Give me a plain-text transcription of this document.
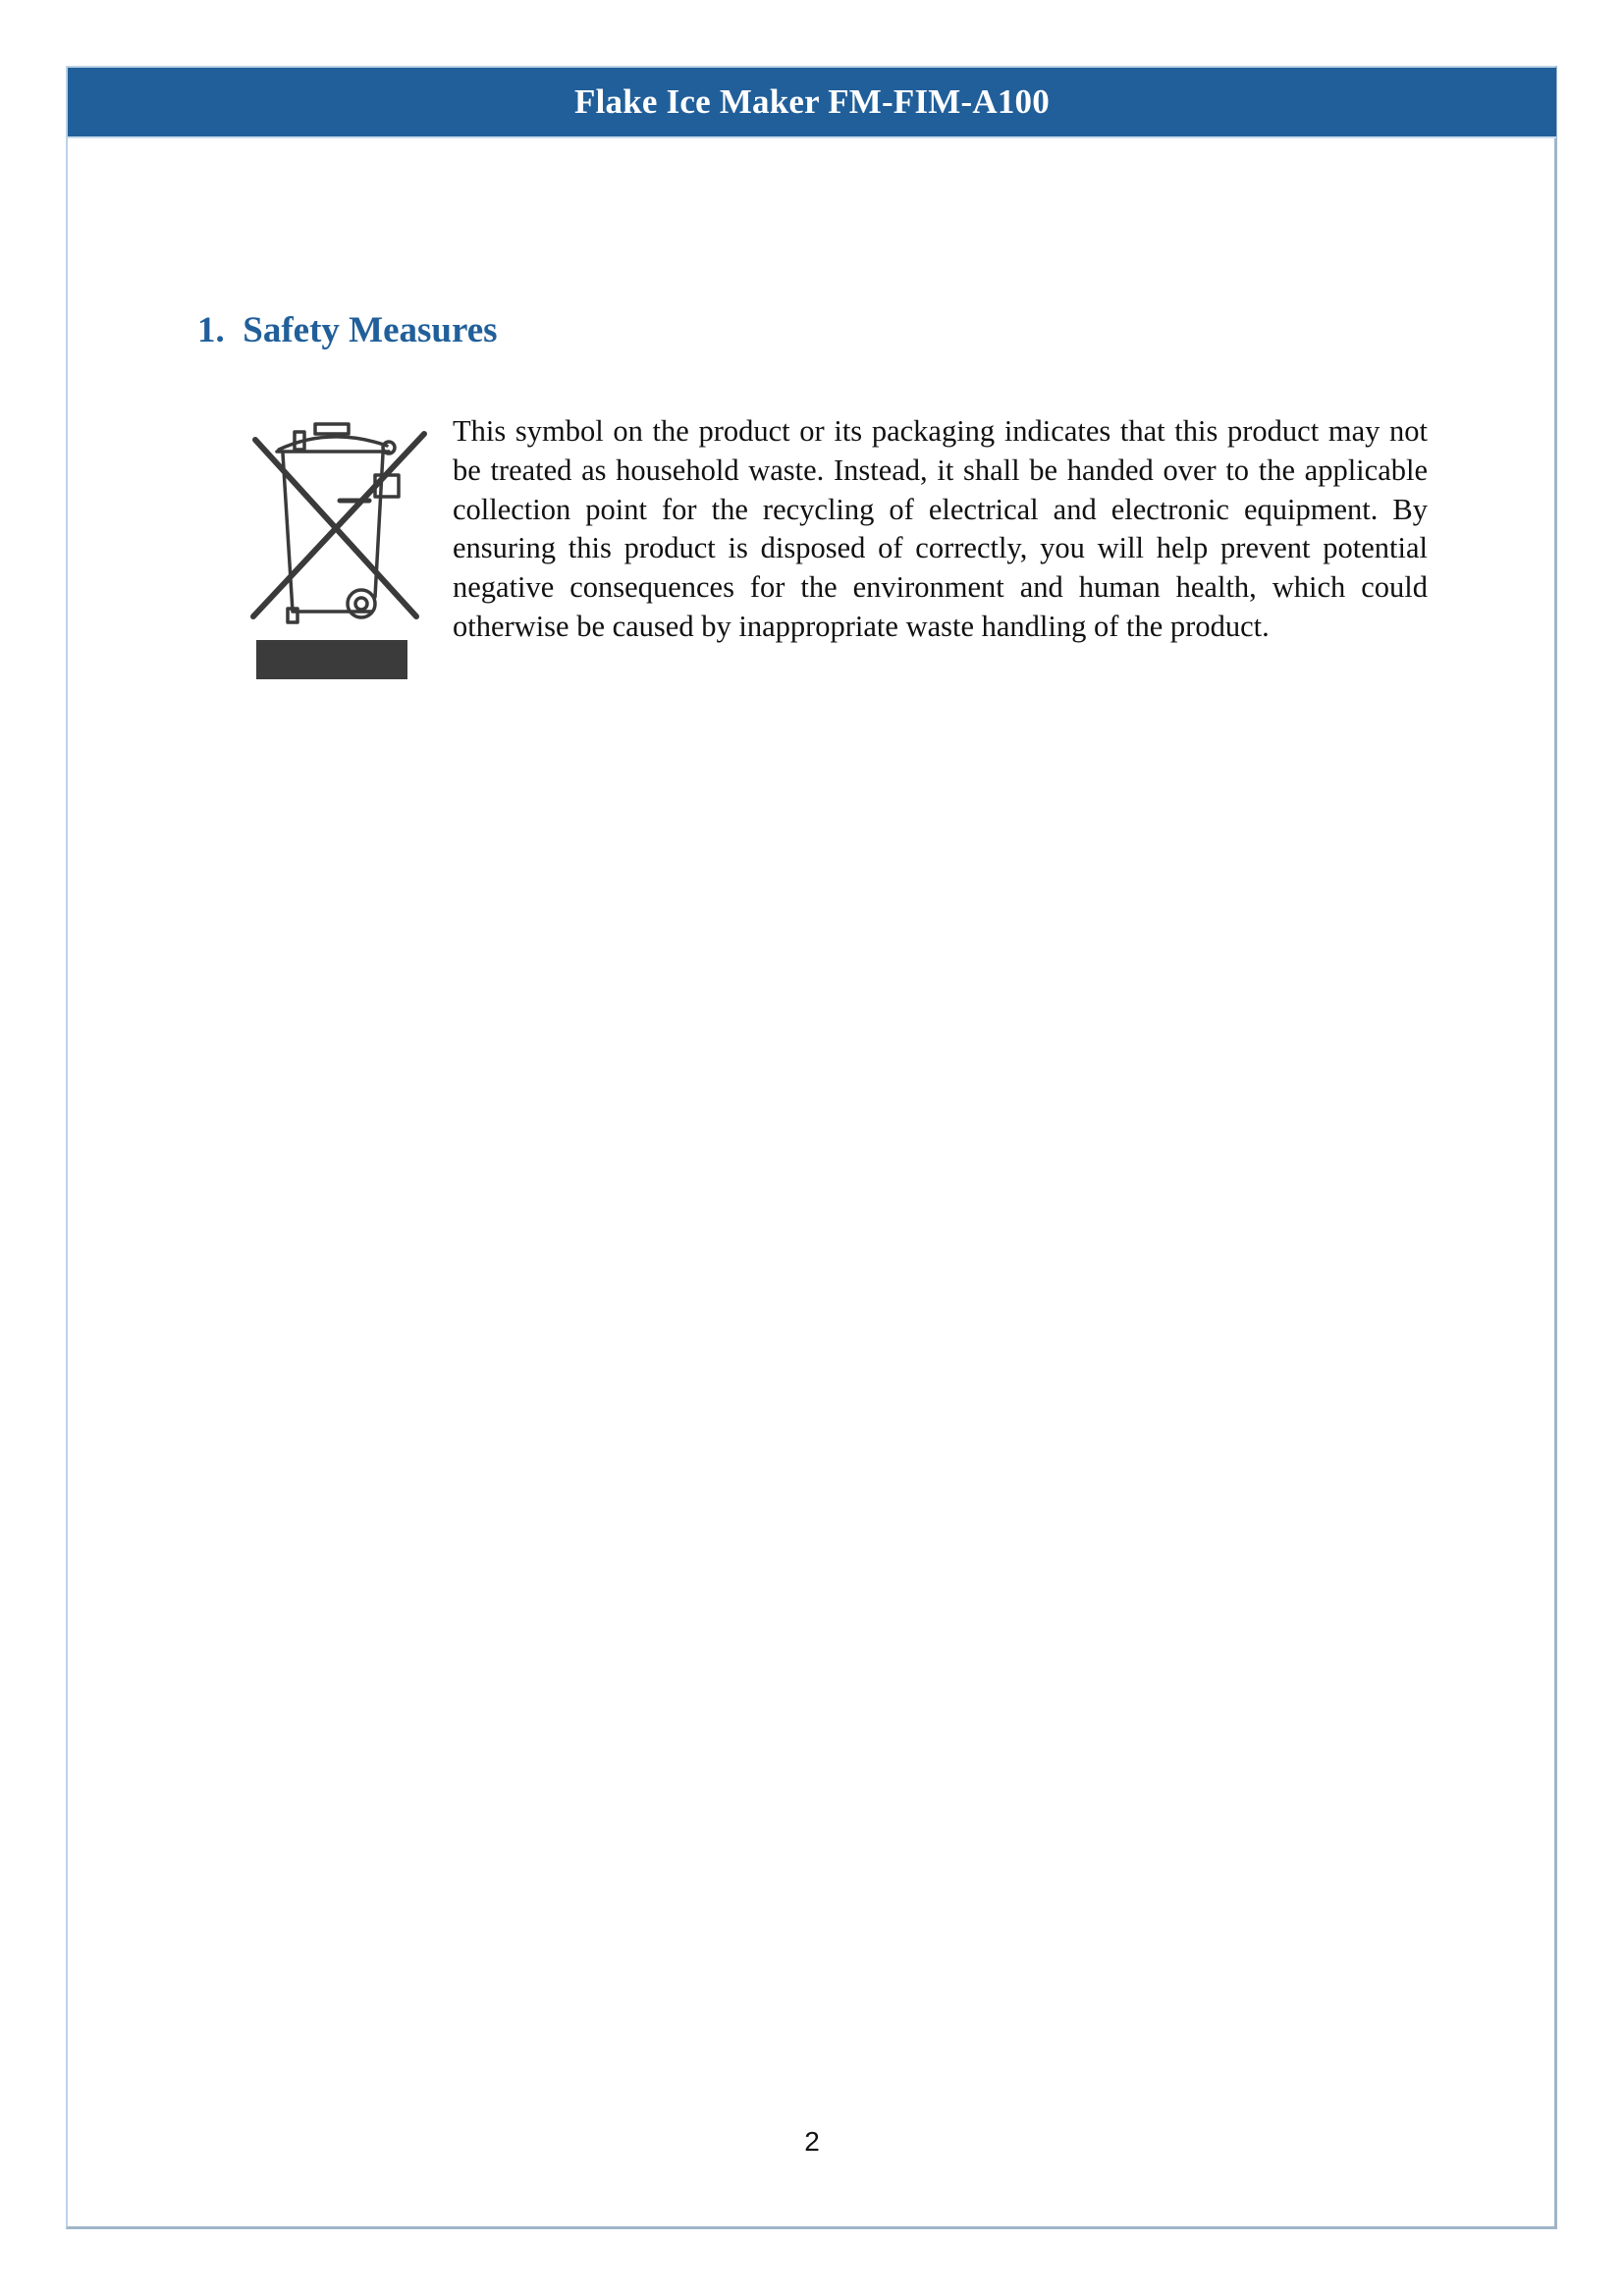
Flake Ice Maker FM-FIM-A100
1.  Safety Measures

This symbol on the product or its packaging indicates that this product may not be treated as household waste. Instead, it shall be handed over to the applicable collection point for the recycling of electrical and electronic equipment. By ensuring this product is disposed of correctly, you will help prevent potential negative consequences for the environment and human health, which could otherwise be caused by inappropriate waste handling of the product.

2
